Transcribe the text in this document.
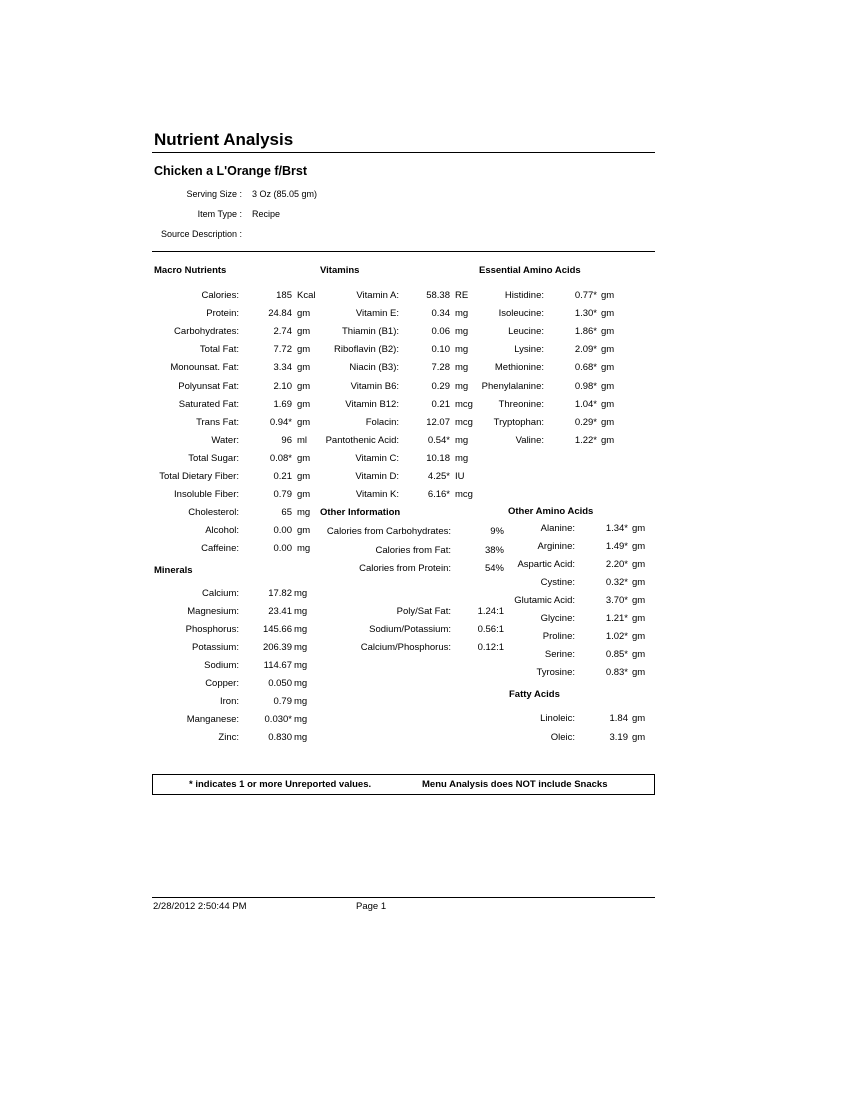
Nutrient Analysis
Chicken a L'Orange f/Brst
Serving Size : 3 Oz (85.05 gm)
Item Type : Recipe
Source Description :
Macro Nutrients	Vitamins	Essential Amino Acids
Minerals
Other Information	Other Amino Acids
Fatty Acids
Calories:	185 Kcal
Protein:	24.84 gm
Carbohydrates:	2.74 gm
Total Fat:	7.72 gm
Monounsat. Fat:	3.34 gm
Polyunsat Fat:	2.10 gm
Saturated Fat:	1.69 gm
Trans Fat:	0.94* gm
Water:	96 ml
Total Sugar:	0.08* gm
Total Dietary Fiber:	0.21 gm
Insoluble Fiber:	0.79 gm
Cholesterol:	65 mg
Alcohol:	0.00 gm
Caffeine:	0.00 mg
Calcium:	17.82 mg
Magnesium:	23.41 mg
Phosphorus:	145.66 mg
Potassium:	206.39 mg
Sodium:	114.67 mg
Copper:	0.050 mg
Iron:	0.79 mg
Manganese:	0.030* mg
Zinc:	0.830 mg
Vitamin A:	58.38 RE
Vitamin E:	0.34 mg
Thiamin (B1):	0.06 mg
Riboflavin (B2):	0.10 mg
Niacin (B3):	7.28 mg
Vitamin B6:	0.29 mg
Vitamin B12:	0.21 mcg
Folacin:	12.07 mcg
Pantothenic Acid:	0.54* mg
Vitamin C:	10.18 mg
Vitamin D:	4.25* IU
Vitamin K:	6.16* mcg
Calories from Carbohydrates:	9%
Calories from Fat:	38%
Calories from Protein:	54%
Poly/Sat Fat:	1.24:1
Sodium/Potassium:	0.56:1
Calcium/Phosphorus:	0.12:1
Histidine:	0.77* gm
Isoleucine:	1.30* gm
Leucine:	1.86* gm
Lysine:	2.09* gm
Methionine:	0.68* gm
Phenylalanine:	0.98* gm
Threonine:	1.04* gm
Tryptophan:	0.29* gm
Valine:	1.22* gm
Alanine:	1.34* gm
Arginine:	1.49* gm
Aspartic Acid:	2.20* gm
Cystine:	0.32* gm
Glutamic Acid:	3.70* gm
Glycine:	1.21* gm
Proline:	1.02* gm
Serine:	0.85* gm
Tyrosine:	0.83* gm
Linoleic:	1.84 gm
Oleic:	3.19 gm
* indicates 1 or more Unreported values.	Menu Analysis does NOT include Snacks
2/28/2012 2:50:44 PM	Page 1
